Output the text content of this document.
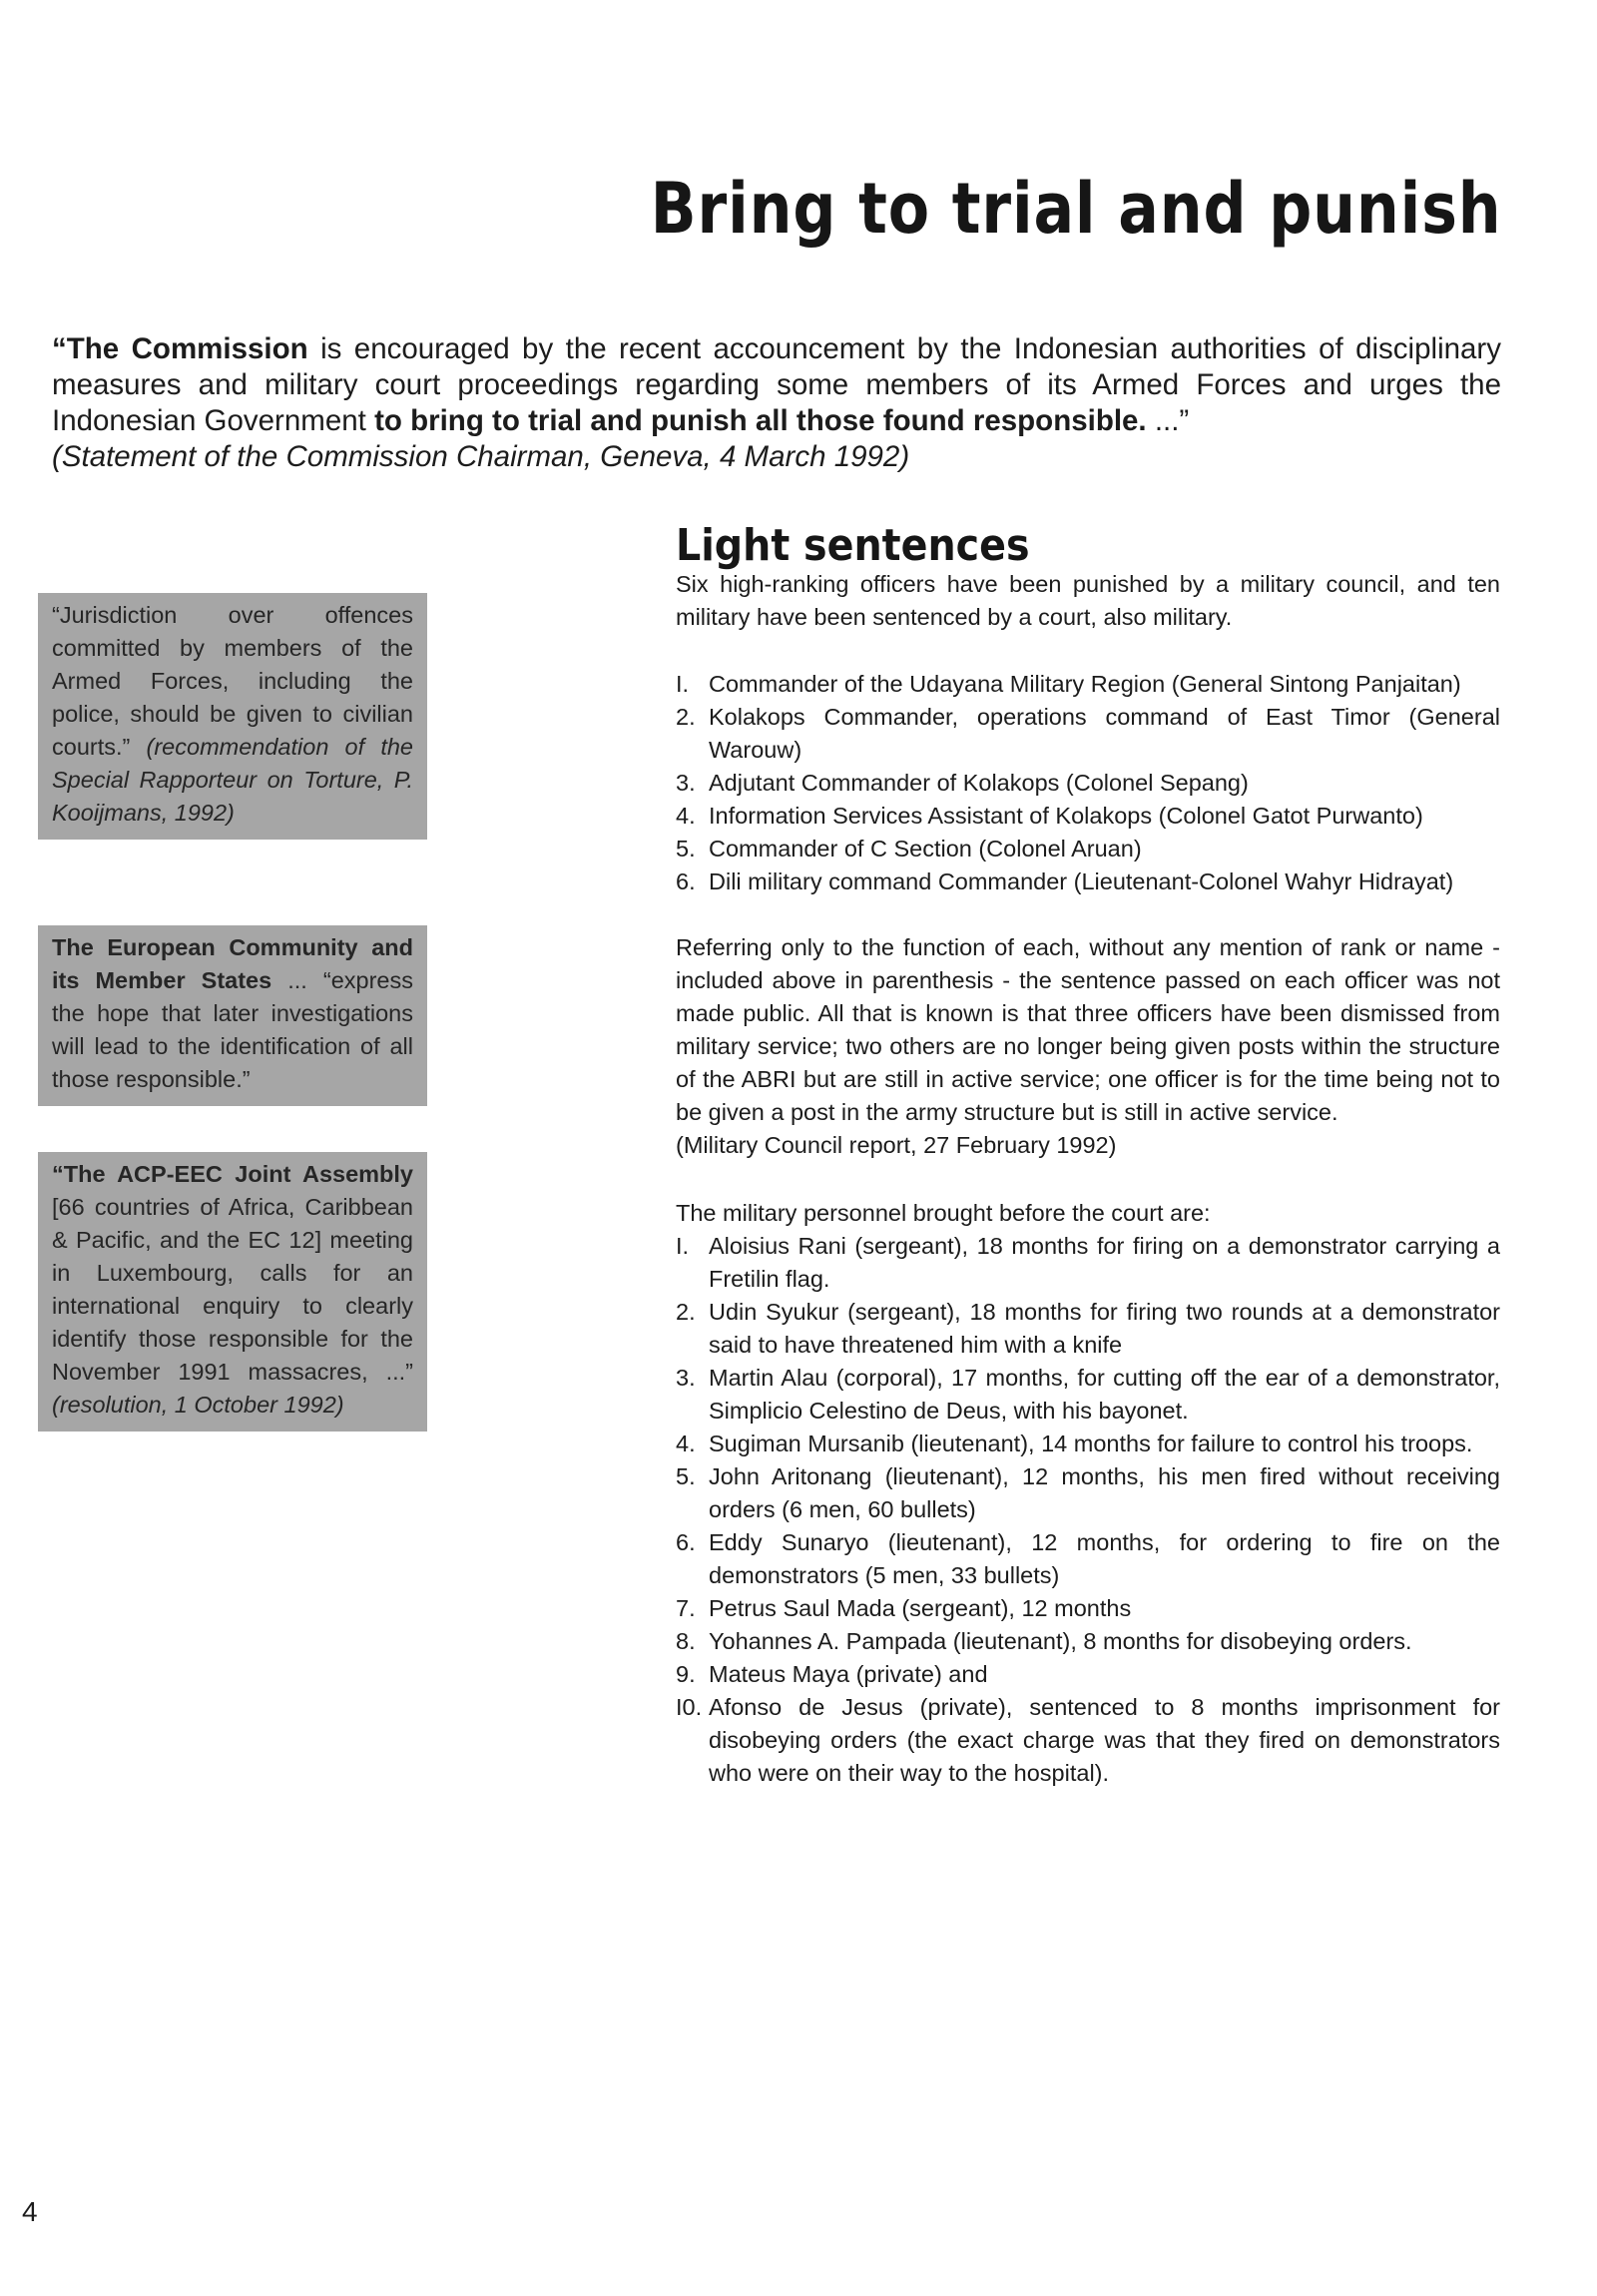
Bring to trial and punish

“The Commission is encouraged by the recent accouncement by the Indonesian authorities of disciplinary measures and military court proceedings regarding some members of its Armed Forces and urges the Indonesian Government to bring to trial and punish all those found responsible. ...”
(Statement of the Commission Chairman, Geneva, 4 March 1992)

“Jurisdiction over offences committed by members of the Armed Forces, including the police, should be given to civilian courts.” (recommendation of the Special Rapporteur on Torture, P. Kooijmans, 1992)

The European Community and its Member States ... “express the hope that later investigations will lead to the identification of all those responsible.”

“The ACP-EEC Joint Assembly [66 countries of Africa, Caribbean & Pacific, and the EC 12] meeting in Luxembourg, calls for an international enquiry to clearly identify those responsible for the November 1991 massacres, ...” (resolution, 1 October 1992)

Light sentences

Six high-ranking officers have been punished by a military council, and ten military have been sentenced by a court, also military.

I. Commander of the Udayana Military Region (General Sintong Panjaitan)
2. Kolakops Commander, operations command of East Timor (General Warouw)
3. Adjutant Commander of Kolakops (Colonel Sepang)
4. Information Services Assistant of Kolakops (Colonel Gatot Purwanto)
5. Commander of C Section (Colonel Aruan)
6. Dili military command Commander (Lieutenant-Colonel Wahyr Hidrayat)

Referring only to the function of each, without any mention of rank or name - included above in parenthesis - the sentence passed on each officer was not made public. All that is known is that three officers have been dismissed from military service; two others are no longer being given posts within the structure of the ABRI but are still in active service; one officer is for the time being not to be given a post in the army structure but is still in active service.

(Military Council report, 27 February 1992)

The military personnel brought before the court are:

I. Aloisius Rani (sergeant), 18 months for firing on a demonstrator carrying a Fretilin flag.
2. Udin Syukur (sergeant), 18 months for firing two rounds at a demonstrator said to have threatened him with a knife
3. Martin Alau (corporal), 17 months, for cutting off the ear of a demonstrator, Simplicio Celestino de Deus, with his bayonet.
4. Sugiman Mursanib (lieutenant), 14 months for failure to control his troops.
5. John Aritonang (lieutenant), 12 months, his men fired without receiving orders (6 men, 60 bullets)
6. Eddy Sunaryo (lieutenant), 12 months, for ordering to fire on the demonstrators (5 men, 33 bullets)
7. Petrus Saul Mada (sergeant), 12 months
8. Yohannes A. Pampada (lieutenant), 8 months for disobeying orders.
9. Mateus Maya (private) and
I0. Afonso de Jesus (private), sentenced to 8 months imprisonment for disobeying orders (the exact charge was that they fired on demonstrators who were on their way to the hospital).
4
